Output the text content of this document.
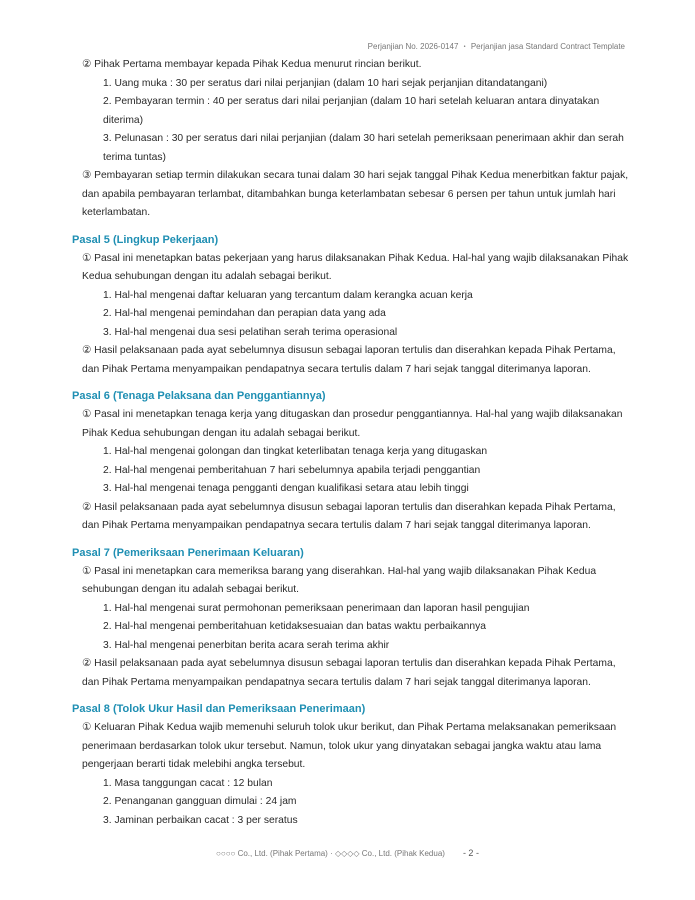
Perjanjian No. 2026-0147 ・ Perjanjian jasa Standard Contract Template
② Pihak Pertama membayar kepada Pihak Kedua menurut rincian berikut.
1. Uang muka : 30 per seratus dari nilai perjanjian (dalam 10 hari sejak perjanjian ditandatangani)
2. Pembayaran termin : 40 per seratus dari nilai perjanjian (dalam 10 hari setelah keluaran antara dinyatakan diterima)
3. Pelunasan : 30 per seratus dari nilai perjanjian (dalam 30 hari setelah pemeriksaan penerimaan akhir dan serah terima tuntas)
③ Pembayaran setiap termin dilakukan secara tunai dalam 30 hari sejak tanggal Pihak Kedua menerbitkan faktur pajak, dan apabila pembayaran terlambat, ditambahkan bunga keterlambatan sebesar 6 persen per tahun untuk jumlah hari keterlambatan.
Pasal 5 (Lingkup Pekerjaan)
① Pasal ini menetapkan batas pekerjaan yang harus dilaksanakan Pihak Kedua. Hal-hal yang wajib dilaksanakan Pihak Kedua sehubungan dengan itu adalah sebagai berikut.
1. Hal-hal mengenai daftar keluaran yang tercantum dalam kerangka acuan kerja
2. Hal-hal mengenai pemindahan dan perapian data yang ada
3. Hal-hal mengenai dua sesi pelatihan serah terima operasional
② Hasil pelaksanaan pada ayat sebelumnya disusun sebagai laporan tertulis dan diserahkan kepada Pihak Pertama, dan Pihak Pertama menyampaikan pendapatnya secara tertulis dalam 7 hari sejak tanggal diterimanya laporan.
Pasal 6 (Tenaga Pelaksana dan Penggantiannya)
① Pasal ini menetapkan tenaga kerja yang ditugaskan dan prosedur penggantiannya. Hal-hal yang wajib dilaksanakan Pihak Kedua sehubungan dengan itu adalah sebagai berikut.
1. Hal-hal mengenai golongan dan tingkat keterlibatan tenaga kerja yang ditugaskan
2. Hal-hal mengenai pemberitahuan 7 hari sebelumnya apabila terjadi penggantian
3. Hal-hal mengenai tenaga pengganti dengan kualifikasi setara atau lebih tinggi
② Hasil pelaksanaan pada ayat sebelumnya disusun sebagai laporan tertulis dan diserahkan kepada Pihak Pertama, dan Pihak Pertama menyampaikan pendapatnya secara tertulis dalam 7 hari sejak tanggal diterimanya laporan.
Pasal 7 (Pemeriksaan Penerimaan Keluaran)
① Pasal ini menetapkan cara memeriksa barang yang diserahkan. Hal-hal yang wajib dilaksanakan Pihak Kedua sehubungan dengan itu adalah sebagai berikut.
1. Hal-hal mengenai surat permohonan pemeriksaan penerimaan dan laporan hasil pengujian
2. Hal-hal mengenai pemberitahuan ketidaksesuaian dan batas waktu perbaikannya
3. Hal-hal mengenai penerbitan berita acara serah terima akhir
② Hasil pelaksanaan pada ayat sebelumnya disusun sebagai laporan tertulis dan diserahkan kepada Pihak Pertama, dan Pihak Pertama menyampaikan pendapatnya secara tertulis dalam 7 hari sejak tanggal diterimanya laporan.
Pasal 8 (Tolok Ukur Hasil dan Pemeriksaan Penerimaan)
① Keluaran Pihak Kedua wajib memenuhi seluruh tolok ukur berikut, dan Pihak Pertama melaksanakan pemeriksaan penerimaan berdasarkan tolok ukur tersebut. Namun, tolok ukur yang dinyatakan sebagai jangka waktu atau lama pengerjaan berarti tidak melebihi angka tersebut.
1. Masa tanggungan cacat : 12 bulan
2. Penanganan gangguan dimulai : 24 jam
3. Jaminan perbaikan cacat : 3 per seratus
○○○○ Co., Ltd. (Pihak Pertama) · ◇◇◇◇ Co., Ltd. (Pihak Kedua) - 2 -
